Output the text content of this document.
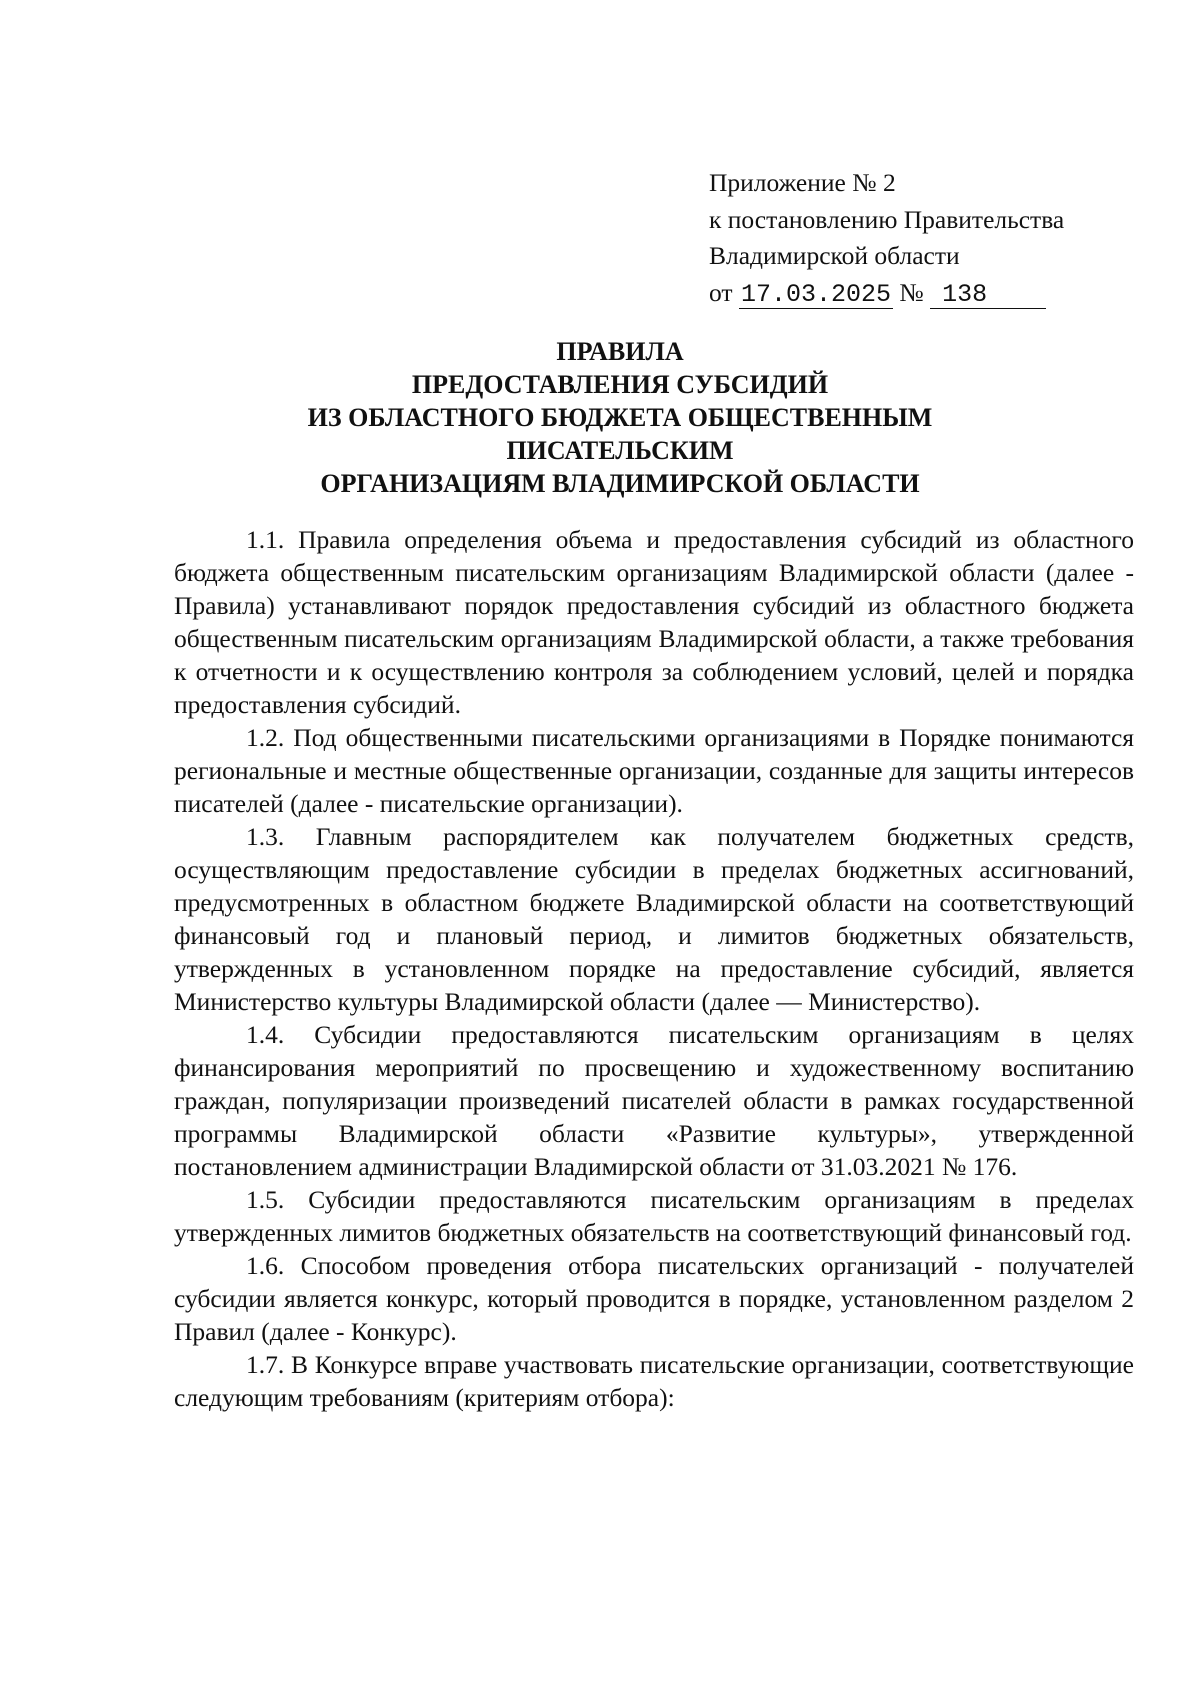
Приложение № 2
к постановлению Правительства
Владимирской области
от 17.03.2025 № 138
ПРАВИЛА
ПРЕДОСТАВЛЕНИЯ СУБСИДИЙ
ИЗ ОБЛАСТНОГО БЮДЖЕТА ОБЩЕСТВЕННЫМ
ПИСАТЕЛЬСКИМ
ОРГАНИЗАЦИЯМ ВЛАДИМИРСКОЙ ОБЛАСТИ

1.1. Правила определения объема и предоставления субсидий из областного бюджета общественным писательским организациям Владимирской области (далее - Правила) устанавливают порядок предоставления субсидий из областного бюджета общественным писательским организациям Владимирской области, а также требования к отчетности и к осуществлению контроля за соблюдением условий, целей и порядка предоставления субсидий.

1.2. Под общественными писательскими организациями в Порядке понимаются региональные и местные общественные организации, созданные для защиты интересов писателей (далее - писательские организации).

1.3. Главным распорядителем как получателем бюджетных средств, осуществляющим предоставление субсидии в пределах бюджетных ассигнований, предусмотренных в областном бюджете Владимирской области на соответствующий финансовый год и плановый период, и лимитов бюджетных обязательств, утвержденных в установленном порядке на предоставление субсидий, является Министерство культуры Владимирской области (далее — Министерство).

1.4. Субсидии предоставляются писательским организациям в целях финансирования мероприятий по просвещению и художественному воспитанию граждан, популяризации произведений писателей области в рамках государственной программы Владимирской области «Развитие культуры», утвержденной постановлением администрации Владимирской области от 31.03.2021 № 176.

1.5. Субсидии предоставляются писательским организациям в пределах утвержденных лимитов бюджетных обязательств на соответствующий финансовый год.

1.6. Способом проведения отбора писательских организаций - получателей субсидии является конкурс, который проводится в порядке, установленном разделом 2 Правил (далее - Конкурс).

1.7. В Конкурсе вправе участвовать писательские организации, соответствующие следующим требованиям (критериям отбора):
